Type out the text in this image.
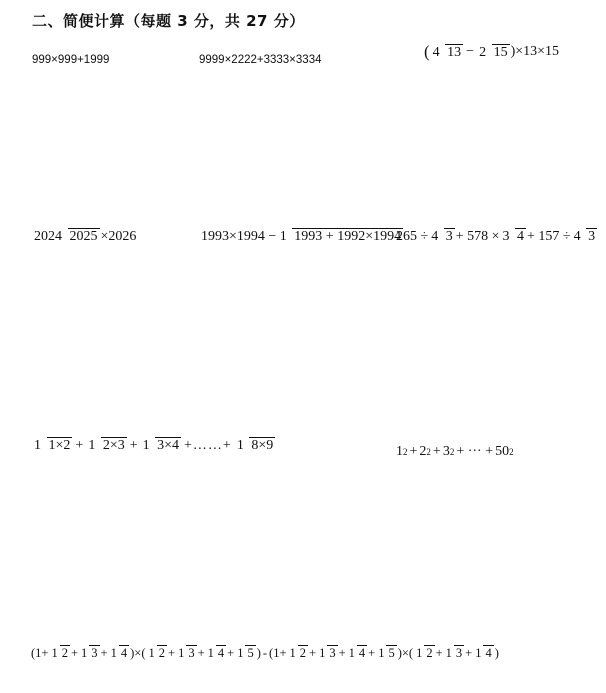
二、简便计算（每题 3 分，共 27 分）
999×999+1999	9999×2222+3333×3334	( 4 13 − 2 15 )×13×15
2024 2025 ×2026	1993×1994 − 1 1993 + 1992×1994
265 ÷ 4 3 + 578 × 3 4 + 157 ÷ 4 3
1 1×2 + 1 2×3 + 1 3×4 +……+ 1 8×9	1 2 + 2 2 + 3 2 + ··· + 50 2
(1+ 1 2 + 1 3 + 1 4 ) × ( 1 2 + 1 3 + 1 4 + 1 5 ) - (1+ 1 2 + 1 3 + 1 4 + 1 5 ) × ( 1 2 + 1 3 + 1 4 )
